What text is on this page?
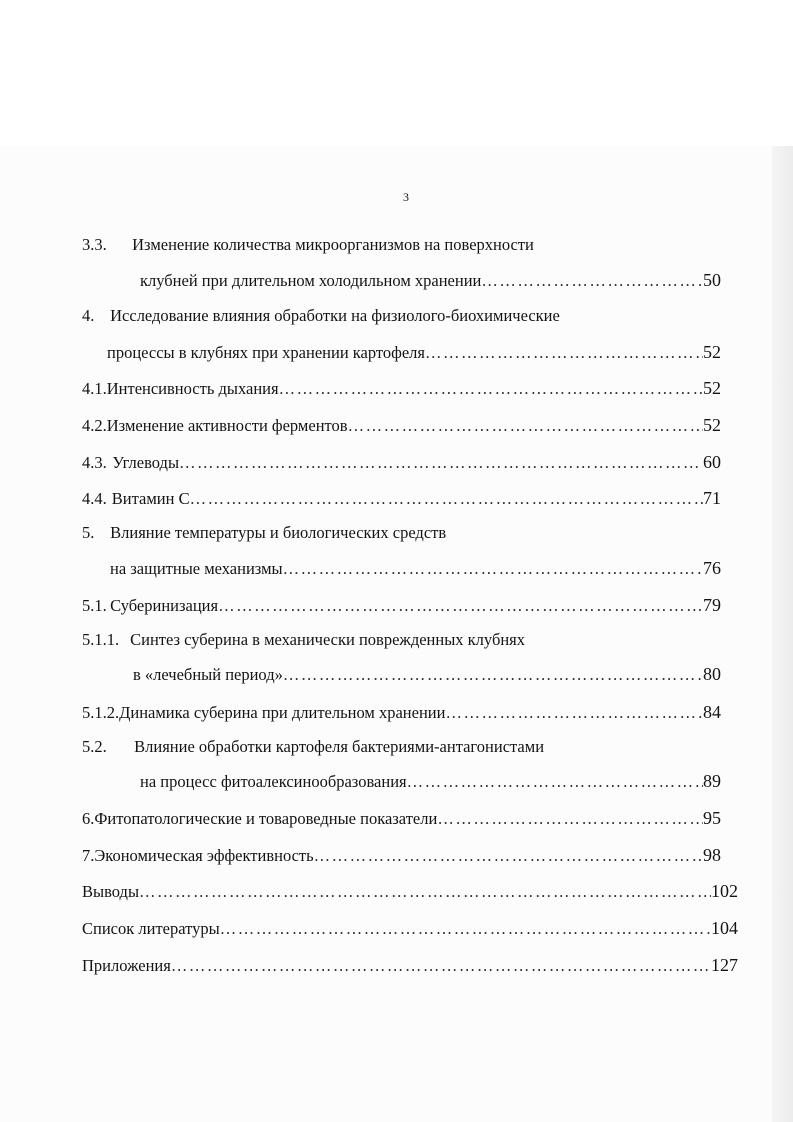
3
3.3. Изменение количества микроорганизмов на поверхности
клубней при длительном холодильном хранении …………………………………………………………………………………………………………………………	50
4. Исследование влияния обработки на физиолого-биохимические
процессы в клубнях при хранении картофеля …………………………………………………………………………………………………………………………	52
4.1. Интенсивность дыхания …………………………………………………………………………………………………………………………	52
4.2. Изменение активности ферментов …………………………………………………………………………………………………………………………	52
4.3. Углеводы …………………………………………………………………………………………………………………………	60
4.4. Витамин С …………………………………………………………………………………………………………………………	71
5. Влияние температуры и биологических средств
на защитные механизмы …………………………………………………………………………………………………………………………	76
5.1. Суберинизация …………………………………………………………………………………………………………………………	79
5.1.1. Синтез суберина в механически поврежденных клубнях
в «лечебный период» …………………………………………………………………………………………………………………………	80
5.1.2. Динамика суберина при длительном хранении …………………………………………………………………………………………………………………………	84
5.2. Влияние обработки картофеля бактериями-антагонистами
на процесс фитоалексинообразования …………………………………………………………………………………………………………………………	89
6. Фитопатологические и товароведные показатели …………………………………………………………………………………………………………………………	95
7. Экономическая эффективность …………………………………………………………………………………………………………………………	98
Выводы …………………………………………………………………………………………………………………………	102
Список литературы …………………………………………………………………………………………………………………………	104
Приложения …………………………………………………………………………………………………………………………	127
